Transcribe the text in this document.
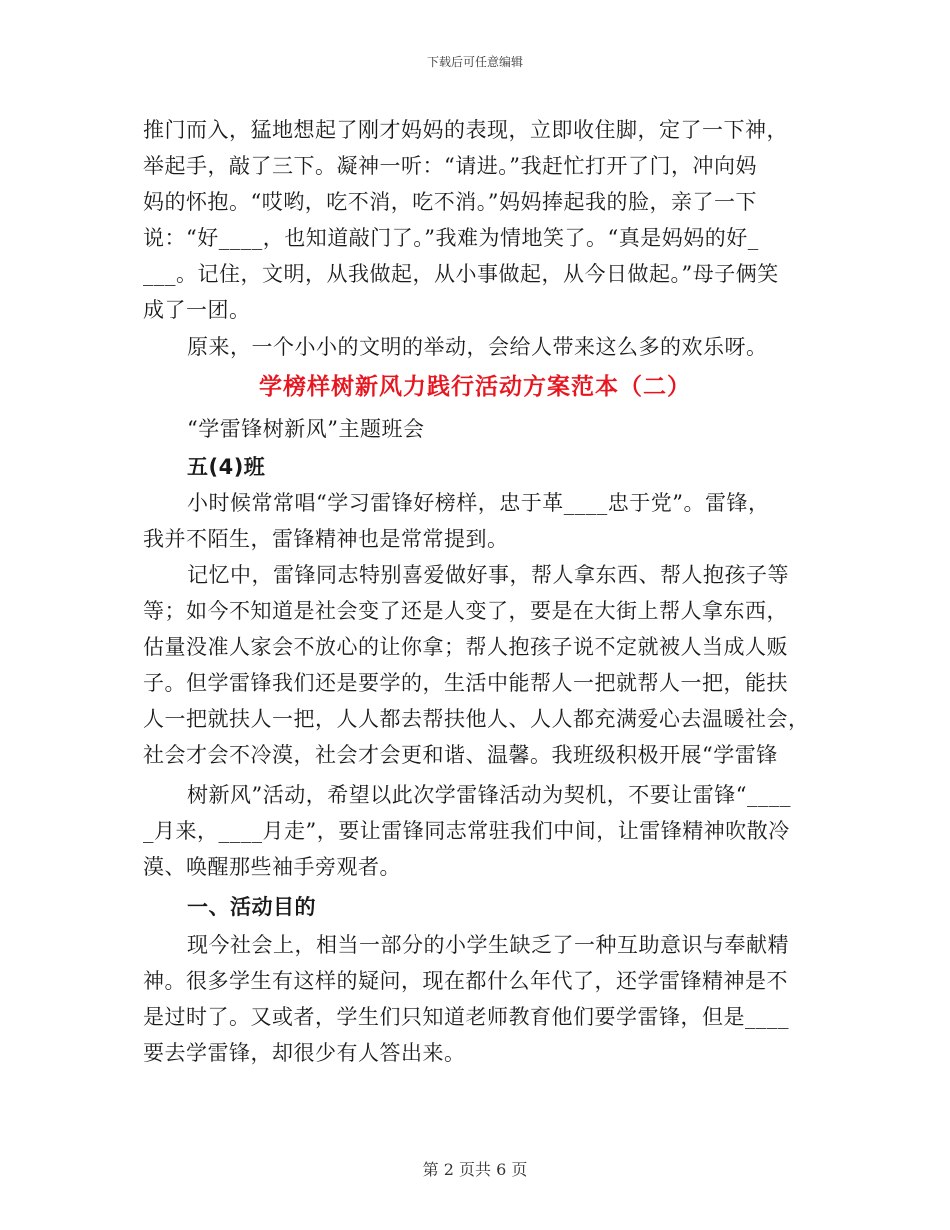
下载后可任意编辑
推门而入，猛地想起了刚才妈妈的表现，立即收住脚，定了一下神，
举起手，敲了三下。凝神一听：“请进。”我赶忙打开了门，冲向妈
妈的怀抱。“哎哟，吃不消，吃不消。”妈妈捧起我的脸，亲了一下
说：“好____，也知道敲门了。”我难为情地笑了。“真是妈妈的好_
___。记住，文明，从我做起，从小事做起，从今日做起。”母子俩笑
成了一团。
原来，一个小小的文明的举动，会给人带来这么多的欢乐呀。
学榜样树新风力践行活动方案范本（二）
“学雷锋树新风”主题班会
五(4)班
小时候常常唱“学习雷锋好榜样，忠于革____忠于党”。雷锋，
我并不陌生，雷锋精神也是常常提到。
记忆中，雷锋同志特别喜爱做好事，帮人拿东西、帮人抱孩子等
等；如今不知道是社会变了还是人变了，要是在大街上帮人拿东西，
估量没准人家会不放心的让你拿；帮人抱孩子说不定就被人当成人贩
子。但学雷锋我们还是要学的，生活中能帮人一把就帮人一把，能扶
人一把就扶人一把，人人都去帮扶他人、人人都充满爱心去温暖社会，
社会才会不冷漠，社会才会更和谐、温馨。我班级积极开展“学雷锋
树新风”活动，希望以此次学雷锋活动为契机，不要让雷锋“____
_月来，____月走”，要让雷锋同志常驻我们中间，让雷锋精神吹散冷
漠、唤醒那些袖手旁观者。
一、活动目的
现今社会上，相当一部分的小学生缺乏了一种互助意识与奉献精
神。很多学生有这样的疑问，现在都什么年代了，还学雷锋精神是不
是过时了。又或者，学生们只知道老师教育他们要学雷锋，但是____
要去学雷锋，却很少有人答出来。
第 2 页共 6 页
